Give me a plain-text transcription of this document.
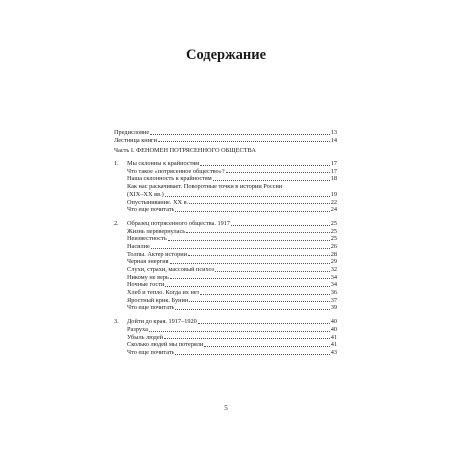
Содержание
Предисловие	13
Лестница книги	14
Часть I. ФЕНОМЕН ПОТРЯСЕННОГО ОБЩЕСТВА
1. Мы склонны к крайностям	17
Что такое «потрясенное общество»?	17
Наша склонность к крайностям	18
Как нас раскачивает. Поворотные точки в истории России
(XIX–XX вв.)	19
Опустынивание. XX в.	22
Что еще почитать	24
2. Образец потрясенного общества. 1917	25
Жизнь перевернулась	25
Неизвестность	25
Насилие	26
Толпы. Актер истории	28
Черная энергия	29
Слухи, страхи, массовый психоз	32
Никому не верь	34
Ночные гости	34
Хлеб и тепло. Когда их нет	36
Яростный крик. Бунин	37
Что еще почитать	39
3. Дойти до края. 1917–1920	40
Разруха	40
Убыль людей	41
Сколько людей мы потеряли	41
Что еще почитать	43
5
